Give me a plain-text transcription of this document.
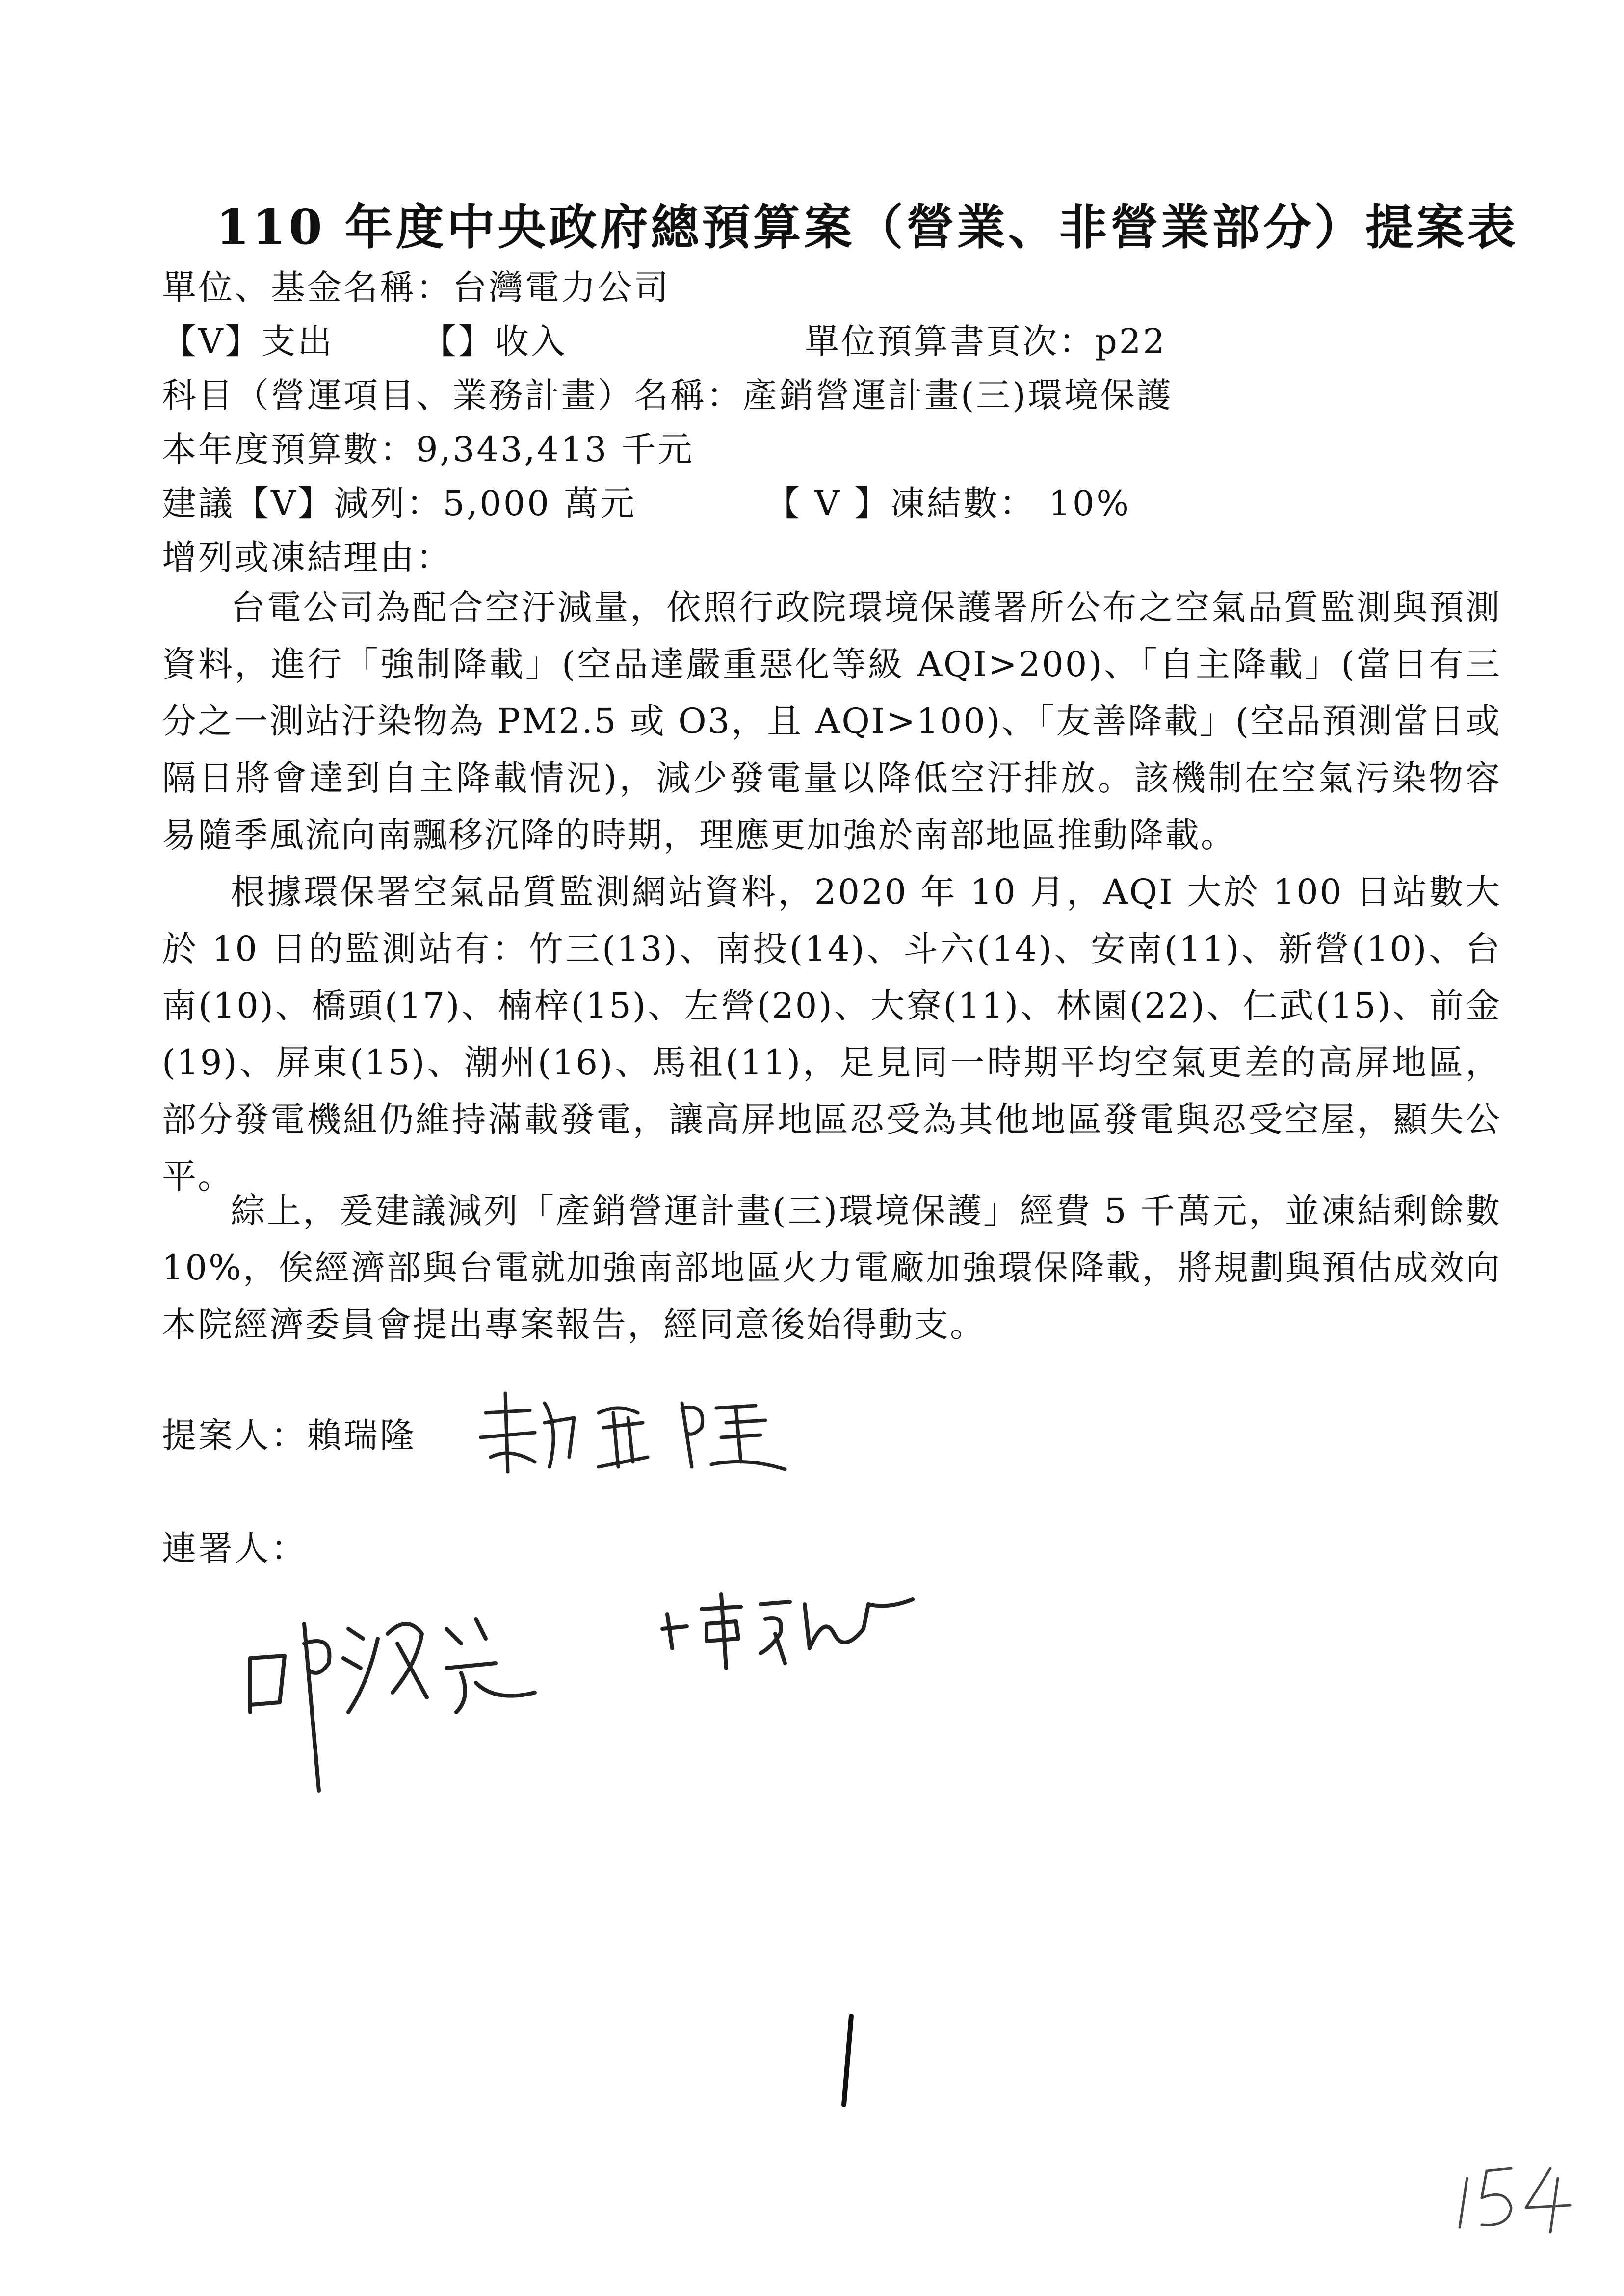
110 年度中央政府總預算案（營業、非營業部分）提案表
單位、基金名稱：台灣電力公司
【V】支出	【】收入	單位預算書頁次：p22
科目（營運項目、業務計畫）名稱：產銷營運計畫(三)環境保護
本年度預算數：9,343,413 千元
建議【V】減列：5,000 萬元	【 V 】凍結數： 10%
增列或凍結理由：

台電公司為配合空汙減量，依照行政院環境保護署所公布之空氣品質監測與預測資料，進行「強制降載」(空品達嚴重惡化等級 AQI>200)、「自主降載」(當日有三分之一測站汙染物為 PM2.5 或 O3，且 AQI>100)、「友善降載」(空品預測當日或隔日將會達到自主降載情況)，減少發電量以降低空汙排放。該機制在空氣污染物容易隨季風流向南飄移沉降的時期，理應更加強於南部地區推動降載。

根據環保署空氣品質監測網站資料，2020 年 10 月，AQI 大於 100 日站數大於 10 日的監測站有：竹三(13)、南投(14)、斗六(14)、安南(11)、新營(10)、台南(10)、橋頭(17)、楠梓(15)、左營(20)、大寮(11)、林園(22)、仁武(15)、前金(19)、屏東(15)、潮州(16)、馬祖(11)，足見同一時期平均空氣更差的高屏地區，部分發電機組仍維持滿載發電，讓高屏地區忍受為其他地區發電與忍受空屋，顯失公平。

綜上，爰建議減列「產銷營運計畫(三)環境保護」經費 5 千萬元，並凍結剩餘數 10%，俟經濟部與台電就加強南部地區火力電廠加強環保降載，將規劃與預估成效向本院經濟委員會提出專案報告，經同意後始得動支。

提案人：賴瑞隆
連署人：
